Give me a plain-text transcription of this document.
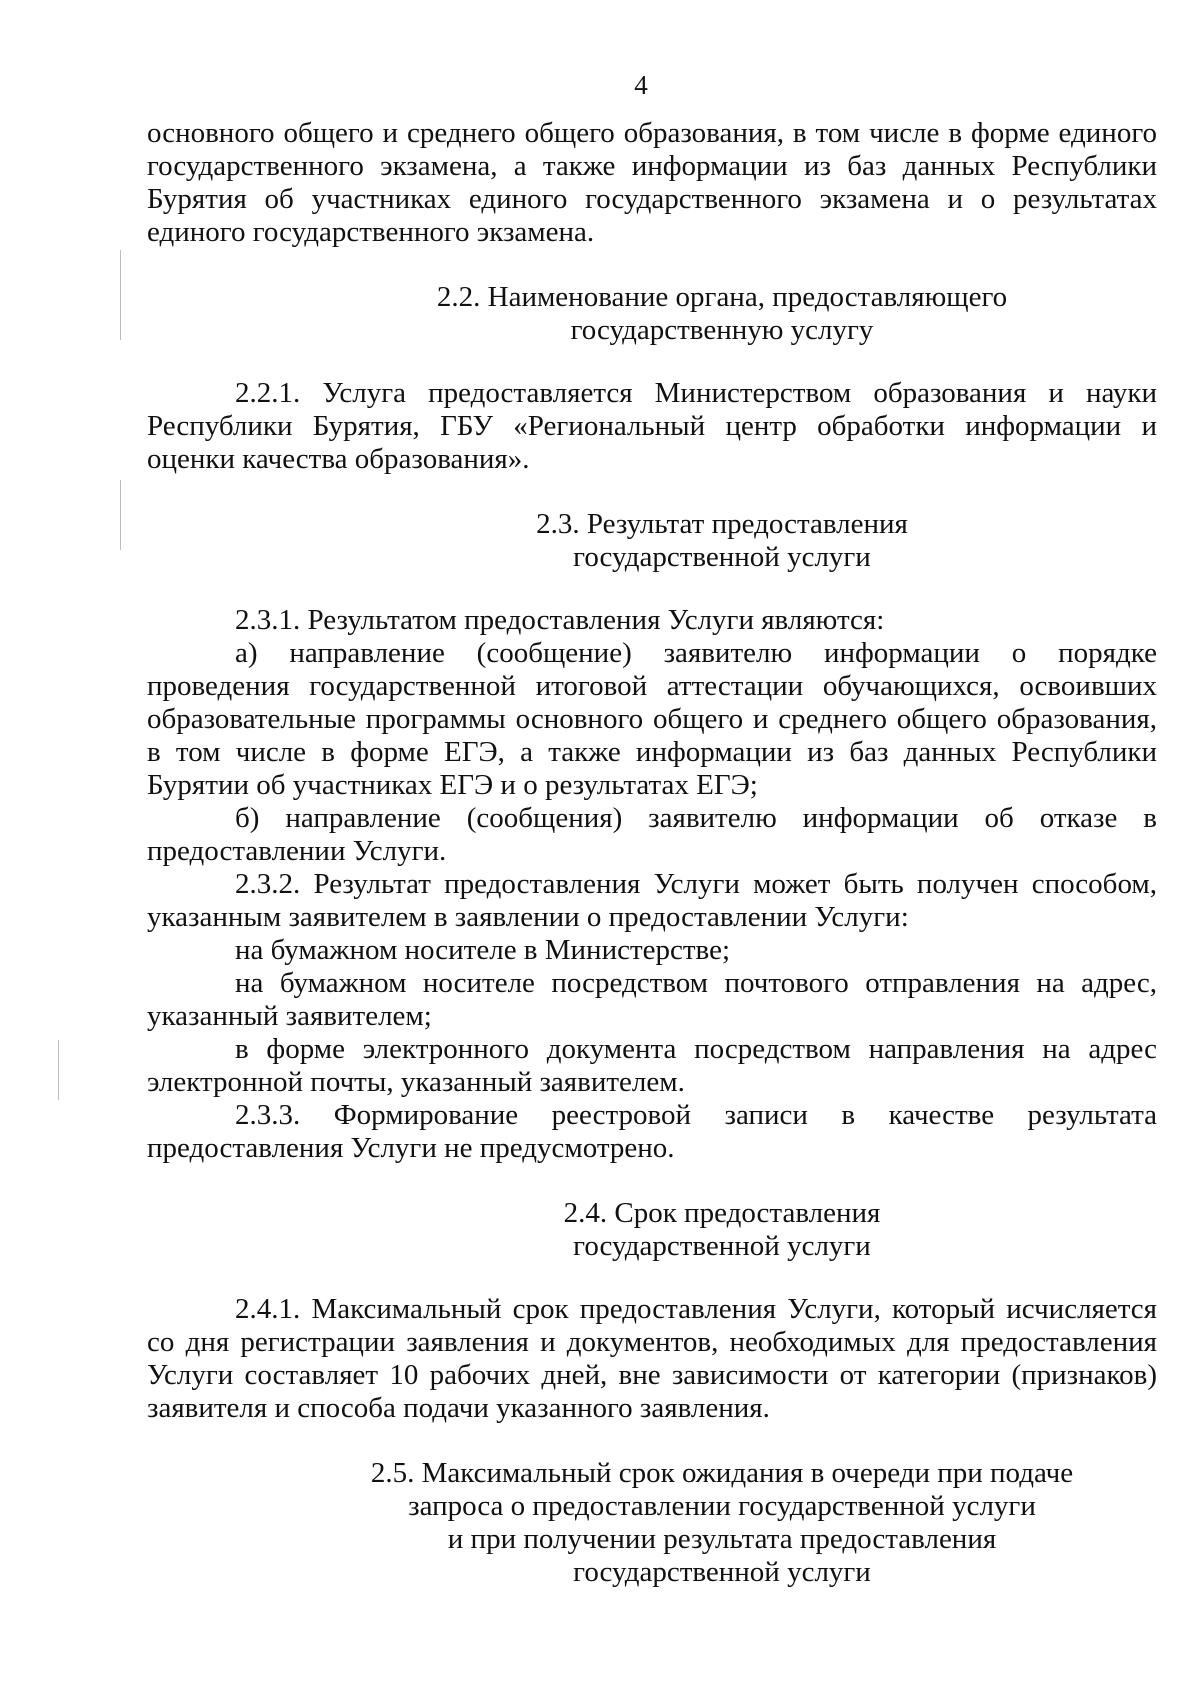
4

основного общего и среднего общего образования, в том числе в форме единого государственного экзамена, а также информации из баз данных Республики Бурятия об участниках единого государственного экзамена и о результатах единого государственного экзамена.

2.2. Наименование органа, предоставляющего
государственную услугу

2.2.1. Услуга предоставляется Министерством образования и науки Республики Бурятия, ГБУ «Региональный центр обработки информации и оценки качества образования».

2.3. Результат предоставления
государственной услуги

2.3.1. Результатом предоставления Услуги являются:

а) направление (сообщение) заявителю информации о порядке проведения государственной итоговой аттестации обучающихся, освоивших образовательные программы основного общего и среднего общего образования, в том числе в форме ЕГЭ, а также информации из баз данных Республики Бурятии об участниках ЕГЭ и о результатах ЕГЭ;

б) направление (сообщения) заявителю информации об отказе в предоставлении Услуги.

2.3.2. Результат предоставления Услуги может быть получен способом, указанным заявителем в заявлении о предоставлении Услуги:

на бумажном носителе в Министерстве;

на бумажном носителе посредством почтового отправления на адрес, указанный заявителем;

в форме электронного документа посредством направления на адрес электронной почты, указанный заявителем.

2.3.3. Формирование реестровой записи в качестве результата предоставления Услуги не предусмотрено.

2.4. Срок предоставления
государственной услуги

2.4.1. Максимальный срок предоставления Услуги, который исчисляется со дня регистрации заявления и документов, необходимых для предоставления Услуги составляет 10 рабочих дней, вне зависимости от категории (признаков) заявителя и способа подачи указанного заявления.

2.5. Максимальный срок ожидания в очереди при подаче
запроса о предоставлении государственной услуги
и при получении результата предоставления
государственной услуги
